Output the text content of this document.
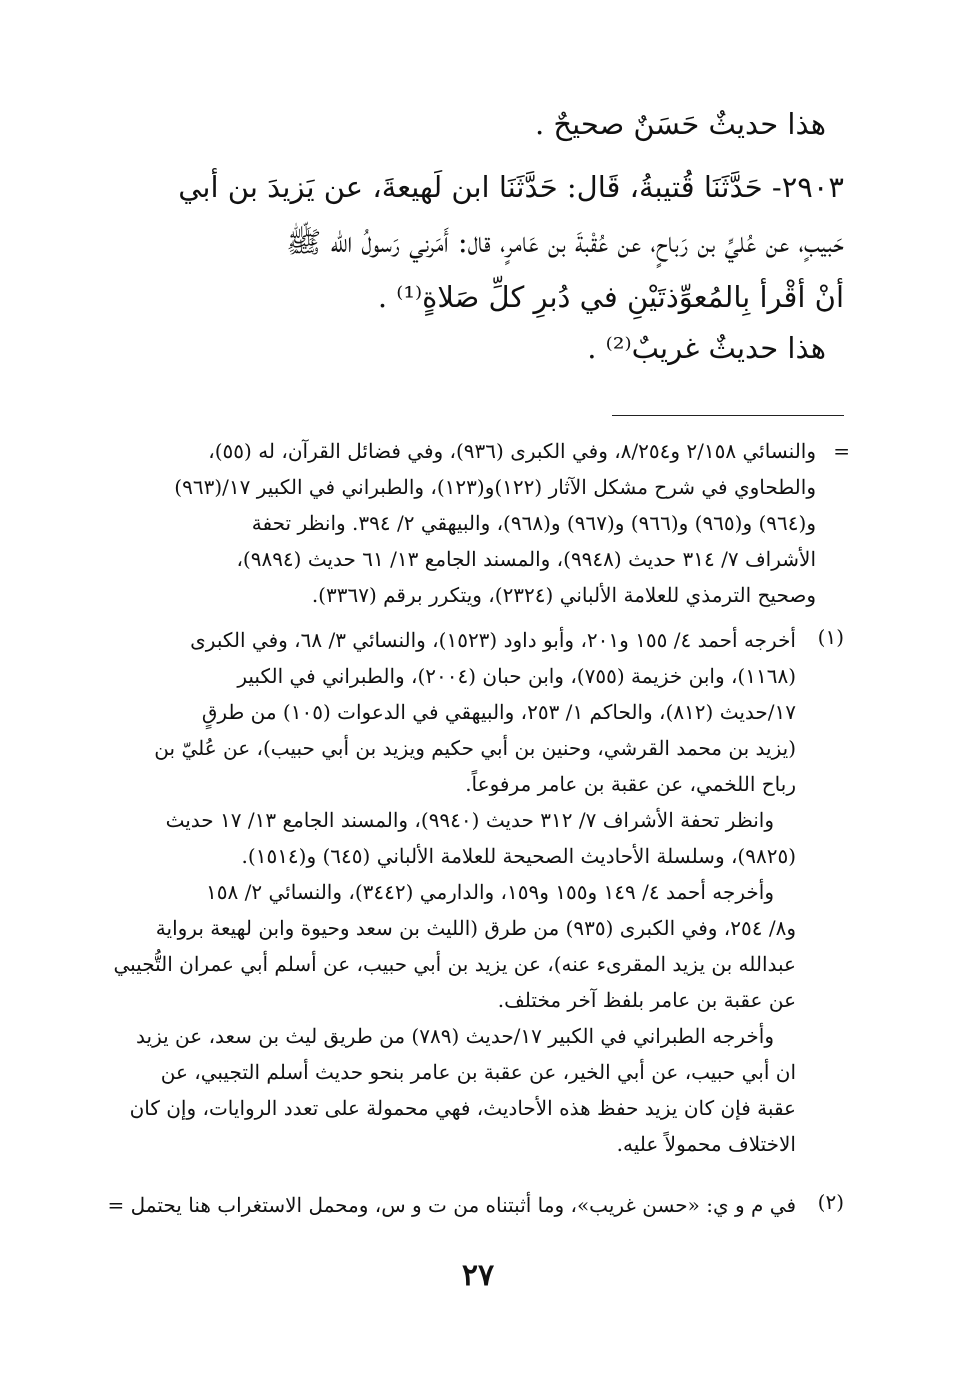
هذا حديثٌ حَسَنٌ صحيحٌ .

٢٩٠٣- حَدَّثَنَا قُتيبةُ، قَال: حَدَّثَنَا ابن لَهيعةَ، عن يَزيدَ بن أبي

حَبيبٍ، عن عُليِّ بن رَباحٍ، عن عُقْبةَ بن عَامرٍ، قال: أَمَرني رَسولُ الله ﷺ

أنْ أقْرأ بِالمُعوِّذتَيْنِ في دُبرِ كلِّ صَلاةٍ⁽¹⁾ .

هذا حديثٌ غريبٌ⁽²⁾ .
=
والنسائي ٢/١٥٨ و٨/٢٥٤، وفي الكبرى (٩٣٦)، وفي فضائل القرآن، له (٥٥)،
والطحاوي في شرح مشكل الآثار (١٢٢)و(١٢٣)، والطبراني في الكبير ١٧/(٩٦٣)
و(٩٦٤) و(٩٦٥) و(٩٦٦) و(٩٦٧) و(٩٦٨)، والبيهقي ٢/ ٣٩٤. وانظر تحفة
الأشراف ٧/ ٣١٤ حديث (٩٩٤٨)، والمسند الجامع ١٣/ ٦١ حديث (٩٨٩٤)،
وصحيح الترمذي للعلامة الألباني (٢٣٢٤)، ويتكرر برقم (٣٣٦٧).
(١)
أخرجه أحمد ٤/ ١٥٥ و٢٠١، وأبو داود (١٥٢٣)، والنسائي ٣/ ٦٨، وفي الكبرى
(١١٦٨)، وابن خزيمة (٧٥٥)، وابن حبان (٢٠٠٤)، والطبراني في الكبير
١٧/حديث (٨١٢)، والحاكم ١/ ٢٥٣، والبيهقي في الدعوات (١٠٥) من طرقٍ
(يزيد بن محمد القرشي، وحنين بن أبي حكيم ويزيد بن أبي حبيب)، عن عُليّ بن
رباح اللخمي، عن عقبة بن عامر مرفوعاً.
وانظر تحفة الأشراف ٧/ ٣١٢ حديث (٩٩٤٠)، والمسند الجامع ١٣/ ١٧ حديث
(٩٨٢٥)، وسلسلة الأحاديث الصحيحة للعلامة الألباني (٦٤٥) و(١٥١٤).
وأخرجه أحمد ٤/ ١٤٩ و١٥٥ و١٥٩، والدارمي (٣٤٤٢)، والنسائي ٢/ ١٥٨
و٨/ ٢٥٤، وفي الكبرى (٩٣٥) من طرق (الليث بن سعد وحيوة وابن لهيعة برواية
عبدالله بن يزيد المقرىء عنه)، عن يزيد بن أبي حبيب، عن أسلم أبي عمران التُّجيبي
عن عقبة بن عامر بلفظ آخر مختلف.
وأخرجه الطبراني في الكبير ١٧/حديث (٧٨٩) من طريق ليث بن سعد، عن يزيد
ان أبي حبيب، عن أبي الخير، عن عقبة بن عامر بنحو حديث أسلم التجيبي، عن
عقبة فإن كان يزيد حفظ هذه الأحاديث، فهي محمولة على تعدد الروايات، وإن كان
الاختلاف محمولاً عليه.
(٢)
في م و ي: «حسن غريب»، وما أثبتناه من ت و س، ومحمل الاستغراب هنا يحتمل =
٢٧
